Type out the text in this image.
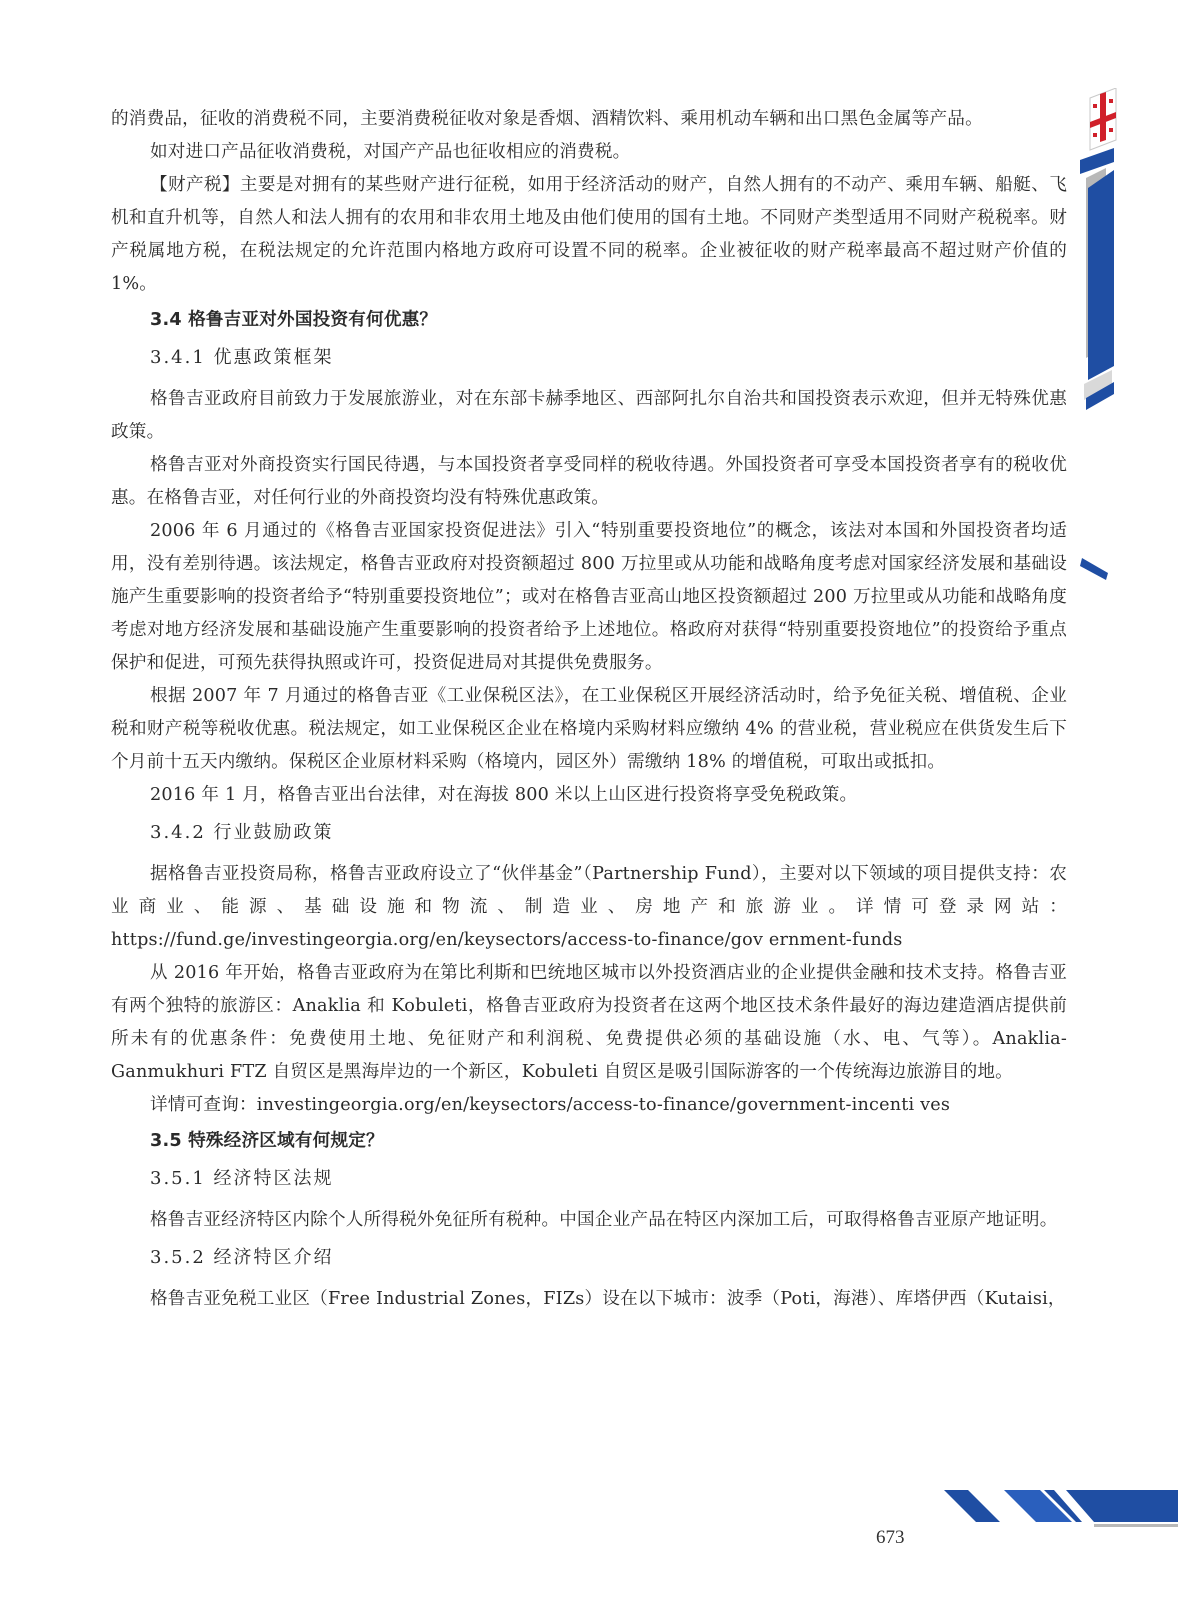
的消费品，征收的消费税不同，主要消费税征收对象是香烟、酒精饮料、乘用机动车辆和出口黑色金属等产品。

如对进口产品征收消费税，对国产产品也征收相应的消费税。

【财产税】主要是对拥有的某些财产进行征税，如用于经济活动的财产，自然人拥有的不动产、乘用车辆、船艇、飞机和直升机等，自然人和法人拥有的农用和非农用土地及由他们使用的国有土地。不同财产类型适用不同财产税税率。财产税属地方税，在税法规定的允许范围内格地方政府可设置不同的税率。企业被征收的财产税率最高不超过财产价值的 1%。

3.4 格鲁吉亚对外国投资有何优惠？

3.4.1 优惠政策框架

格鲁吉亚政府目前致力于发展旅游业，对在东部卡赫季地区、西部阿扎尔自治共和国投资表示欢迎，但并无特殊优惠政策。

格鲁吉亚对外商投资实行国民待遇，与本国投资者享受同样的税收待遇。外国投资者可享受本国投资者享有的税收优惠。在格鲁吉亚，对任何行业的外商投资均没有特殊优惠政策。

2006 年 6 月通过的《格鲁吉亚国家投资促进法》引入“特别重要投资地位”的概念，该法对本国和外国投资者均适用，没有差别待遇。该法规定，格鲁吉亚政府对投资额超过 800 万拉里或从功能和战略角度考虑对国家经济发展和基础设施产生重要影响的投资者给予“特别重要投资地位”；或对在格鲁吉亚高山地区投资额超过 200 万拉里或从功能和战略角度考虑对地方经济发展和基础设施产生重要影响的投资者给予上述地位。格政府对获得“特别重要投资地位”的投资给予重点保护和促进，可预先获得执照或许可，投资促进局对其提供免费服务。

根据 2007 年 7 月通过的格鲁吉亚《工业保税区法》，在工业保税区开展经济活动时，给予免征关税、增值税、企业税和财产税等税收优惠。税法规定，如工业保税区企业在格境内采购材料应缴纳 4% 的营业税，营业税应在供货发生后下个月前十五天内缴纳。保税区企业原材料采购（格境内，园区外）需缴纳 18% 的增值税，可取出或抵扣。

2016 年 1 月，格鲁吉亚出台法律，对在海拔 800 米以上山区进行投资将享受免税政策。

3.4.2 行业鼓励政策

据格鲁吉亚投资局称，格鲁吉亚政府设立了“伙伴基金”（Partnership Fund），主要对以下领域的项目提供支持：农业商业、能源、基础设施和物流、制造业、房地产和旅游业。详情可登录网站：https://fund.ge/investingeorgia.org/en/keysectors/access-to-finance/gov ernment-funds

从 2016 年开始，格鲁吉亚政府为在第比利斯和巴统地区城市以外投资酒店业的企业提供金融和技术支持。格鲁吉亚有两个独特的旅游区：Anaklia 和 Kobuleti，格鲁吉亚政府为投资者在这两个地区技术条件最好的海边建造酒店提供前所未有的优惠条件：免费使用土地、免征财产和利润税、免费提供必须的基础设施（水、电、气等）。Anaklia-Ganmukhuri FTZ 自贸区是黑海岸边的一个新区，Kobuleti 自贸区是吸引国际游客的一个传统海边旅游目的地。

详情可查询：investingeorgia.org/en/keysectors/access-to-finance/government-incenti ves

3.5 特殊经济区域有何规定？

3.5.1 经济特区法规

格鲁吉亚经济特区内除个人所得税外免征所有税种。中国企业产品在特区内深加工后，可取得格鲁吉亚原产地证明。

3.5.2 经济特区介绍

格鲁吉亚免税工业区（Free Industrial Zones，FIZs）设在以下城市：波季（Poti，海港）、库塔伊西（Kutaisi，

673
